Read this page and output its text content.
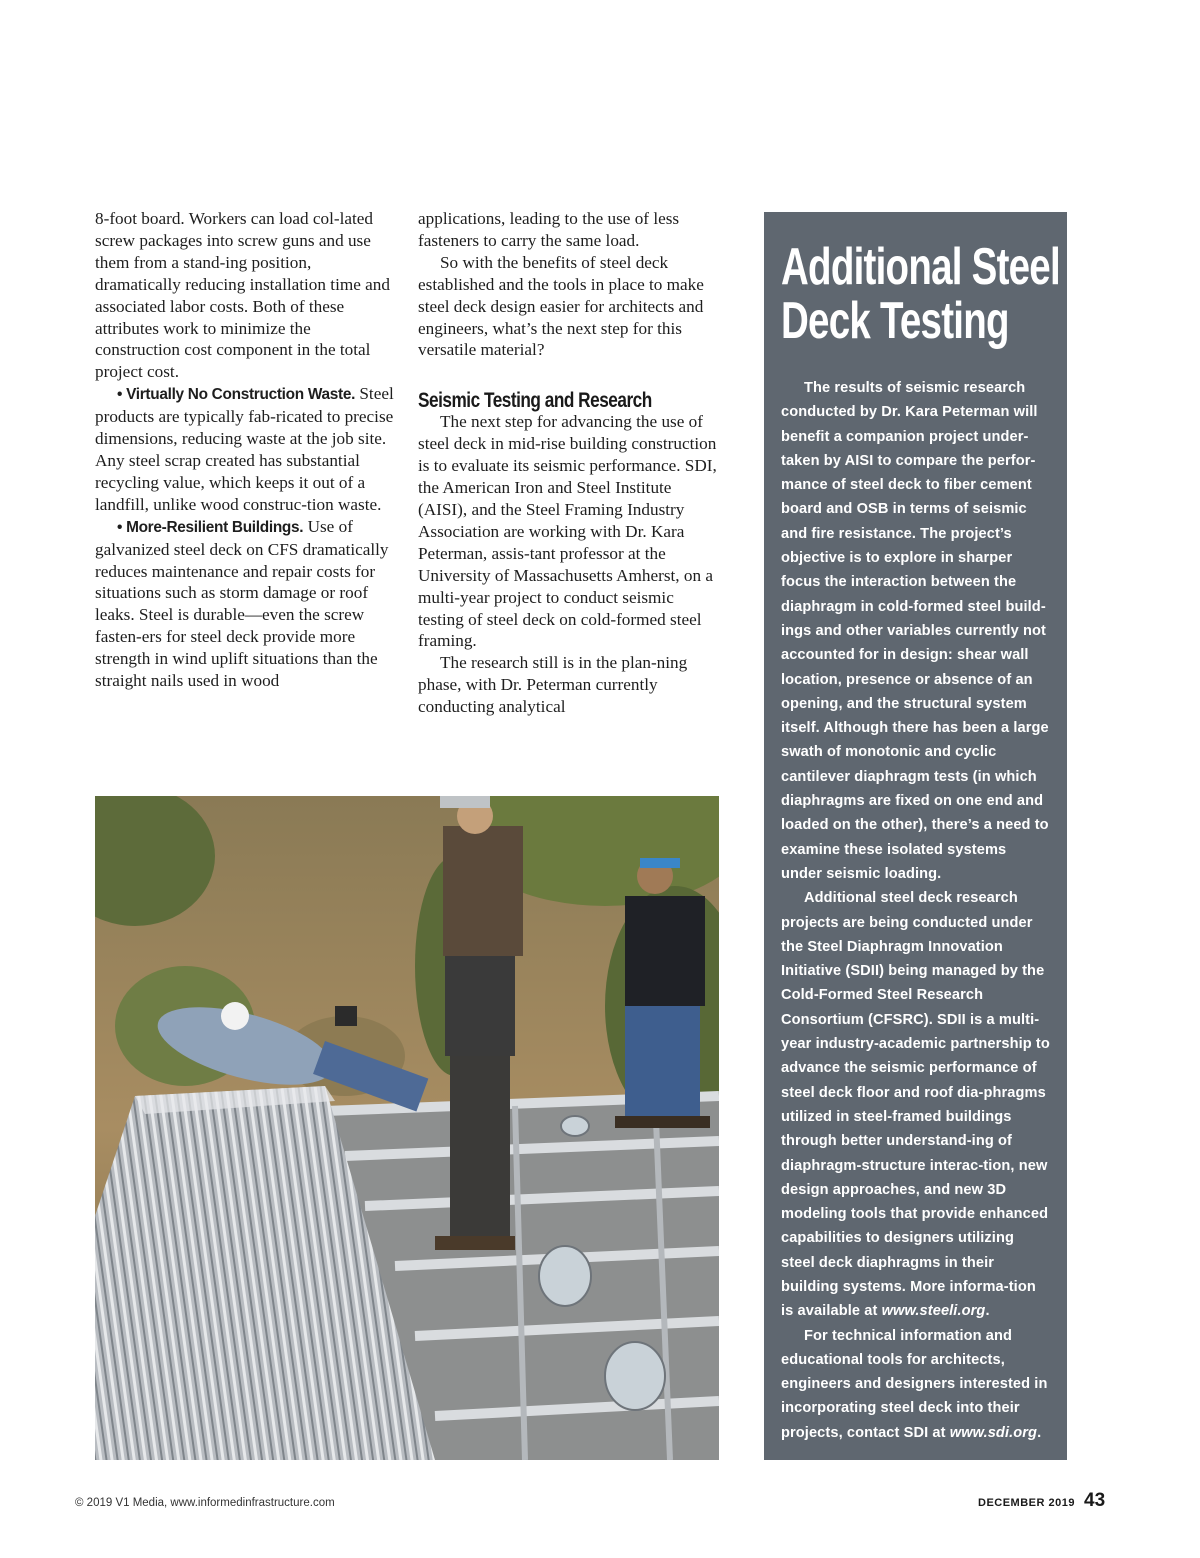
8-foot board. Workers can load col-lated screw packages into screw guns and use them from a stand-ing position, dramatically reducing installation time and associated labor costs. Both of these attributes work to minimize the construction cost component in the total project cost.

• Virtually No Construction Waste. Steel products are typically fab-ricated to precise dimensions, reducing waste at the job site. Any steel scrap created has substantial recycling value, which keeps it out of a landfill, unlike wood construc-tion waste.

• More-Resilient Buildings. Use of galvanized steel deck on CFS dramatically reduces maintenance and repair costs for situations such as storm damage or roof leaks. Steel is durable—even the screw fasten-ers for steel deck provide more strength in wind uplift situations than the straight nails used in wood

applications, leading to the use of less fasteners to carry the same load.

So with the benefits of steel deck established and the tools in place to make steel deck design easier for architects and engineers, what’s the next step for this versatile material?

Seismic Testing and Research

The next step for advancing the use of steel deck in mid-rise building construction is to evaluate its seismic performance. SDI, the American Iron and Steel Institute (AISI), and the Steel Framing Industry Association are working with Dr. Kara Peterman, assis-tant professor at the University of Massachusetts Amherst, on a multi-year project to conduct seismic testing of steel deck on cold-formed steel framing.

The research still is in the plan-ning phase, with Dr. Peterman currently conducting analytical

Additional Steel Deck Testing

The results of seismic research conducted by Dr. Kara Peterman will benefit a companion project under-taken by AISI to compare the perfor-mance of steel deck to fiber cement board and OSB in terms of seismic and fire resistance. The project’s objective is to explore in sharper focus the interaction between the diaphragm in cold-formed steel build-ings and other variables currently not accounted for in design: shear wall location, presence or absence of an opening, and the structural system itself. Although there has been a large swath of monotonic and cyclic cantilever diaphragm tests (in which diaphragms are fixed on one end and loaded on the other), there’s a need to examine these isolated systems under seismic loading.

Additional steel deck research projects are being conducted under the Steel Diaphragm Innovation Initiative (SDII) being managed by the Cold-Formed Steel Research Consortium (CFSRC). SDII is a multi-year industry-academic partnership to advance the seismic performance of steel deck floor and roof dia-phragms utilized in steel-framed buildings through better understand-ing of diaphragm-structure interac-tion, new design approaches, and new 3D modeling tools that provide enhanced capabilities to designers utilizing steel deck diaphragms in their building systems. More informa-tion is available at www.steeli.org.

For technical information and educational tools for architects, engineers and designers interested in incorporating steel deck into their projects, contact SDI at www.sdi.org.

© 2019 V1 Media, www.informedinfrastructure.com	DECEMBER 2019 43
